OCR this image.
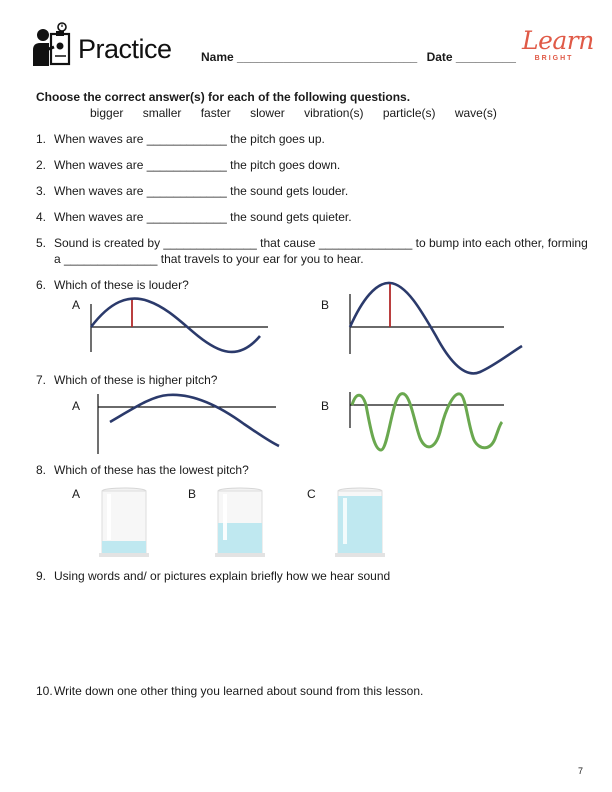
Practice Name ___________________________ Date _________
Learn
BRIGHT
Choose the correct answer(s) for each of the following questions.
bigger smaller faster slower vibration(s) particle(s) wave(s)
1. When waves are ____________ the pitch goes up.
2. When waves are ____________ the pitch goes down.
3. When waves are ____________ the sound gets louder.
4. When waves are ____________ the sound gets quieter.
5. Sound is created by ______________ that cause ______________ to bump into each other, forming
a ______________ that travels to your ear for you to hear.
6. Which of these is louder?
A	B
7. Which of these is higher pitch?
A	B
8. Which of these has the lowest pitch?
A	B	C
9. Using words and/ or pictures explain briefly how we hear sound
10.Write down one other thing you learned about sound from this lesson.
7
